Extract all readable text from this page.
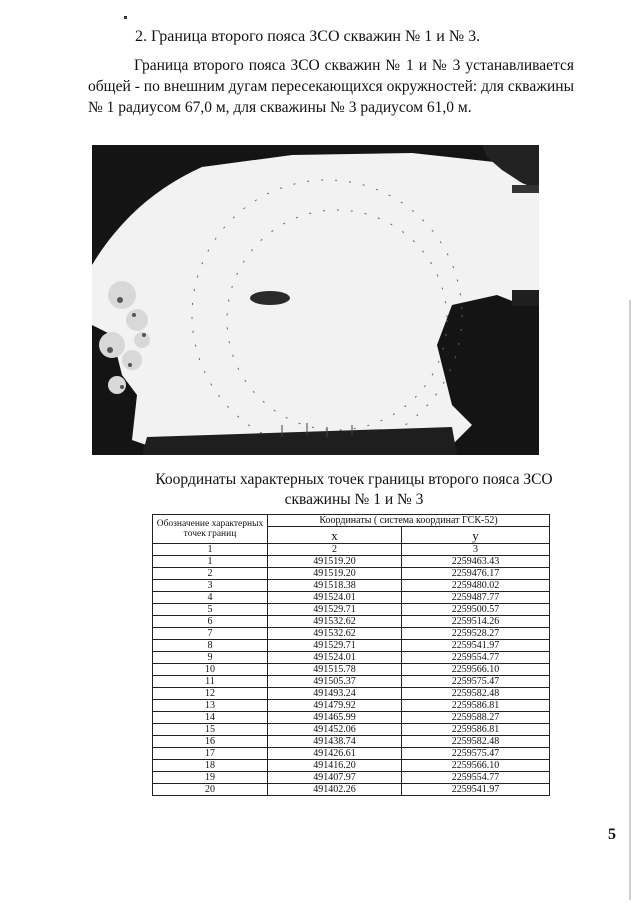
2. Граница второго пояса ЗСО скважин № 1 и № 3.
Граница второго пояса ЗСО скважин № 1 и № 3 устанавливается общей - по внешним дугам пересекающихся окружностей: для скважины № 1 радиусом 67,0 м, для скважины № 3 радиусом 61,0 м.
Координаты характерных точек границы второго пояса ЗСО скважины № 1 и № 3
Обозначение характерных точек границ	Координаты ( система координат ГСК-52)	
	х	у
1	2	3
1	491519.20	2259463.43
2	491519.20	2259476.17
3	491518.38	2259480.02
4	491524.01	2259487.77
5	491529.71	2259500.57
6	491532.62	2259514.26
7	491532.62	2259528.27
8	491529.71	2259541.97
9	491524.01	2259554.77
10	491515.78	2259566.10
11	491505.37	2259575.47
12	491493.24	2259582.48
13	491479.92	2259586.81
14	491465.99	2259588.27
15	491452.06	2259586.81
16	491438.74	2259582.48
17	491426.61	2259575.47
18	491416.20	2259566.10
19	491407.97	2259554.77
20	491402.26	2259541.97
5
